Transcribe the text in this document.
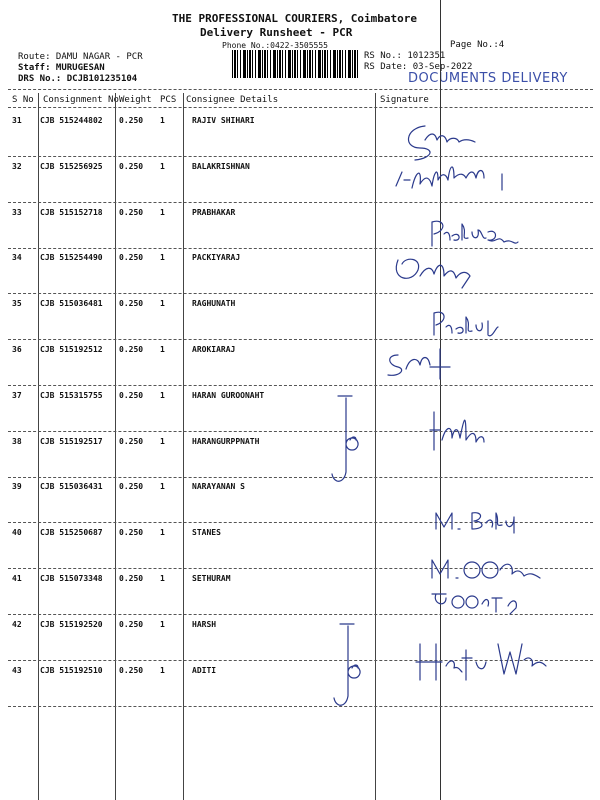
THE PROFESSIONAL COURIERS, Coimbatore
Delivery Runsheet - PCR
Phone No.:0422-3505555	Page No.:4
Route: DAMU NAGAR - PCR
Staff: MURUGESAN
DRS No.: DCJB101235104
RS No.: 1012351
RS Date: 03-Sep-2022
DOCUMENTS DELIVERY
S No Consignment No Weight PCS Consignee Details	Signature
31 CJB 515244802 0.250 1	RAJIV SHIHARI
32 CJB 515256925 0.250 1	BALAKRISHNAN
33 CJB 515152718 0.250 1	PRABHAKAR
34 CJB 515254490 0.250 1	PACKIYARAJ
35 CJB 515036481 0.250 1	RAGHUNATH
36 CJB 515192512 0.250 1	AROKIARAJ
37 CJB 515315755 0.250 1	HARAN GUROONAHT
38 CJB 515192517 0.250 1	HARANGURPPNATH
39 CJB 515036431 0.250 1	NARAYANAN S
40 CJB 515250687 0.250 1	STANES
41 CJB 515073348 0.250 1	SETHURAM
42 CJB 515192520 0.250 1	HARSH
43 CJB 515192510 0.250 1	ADITI
